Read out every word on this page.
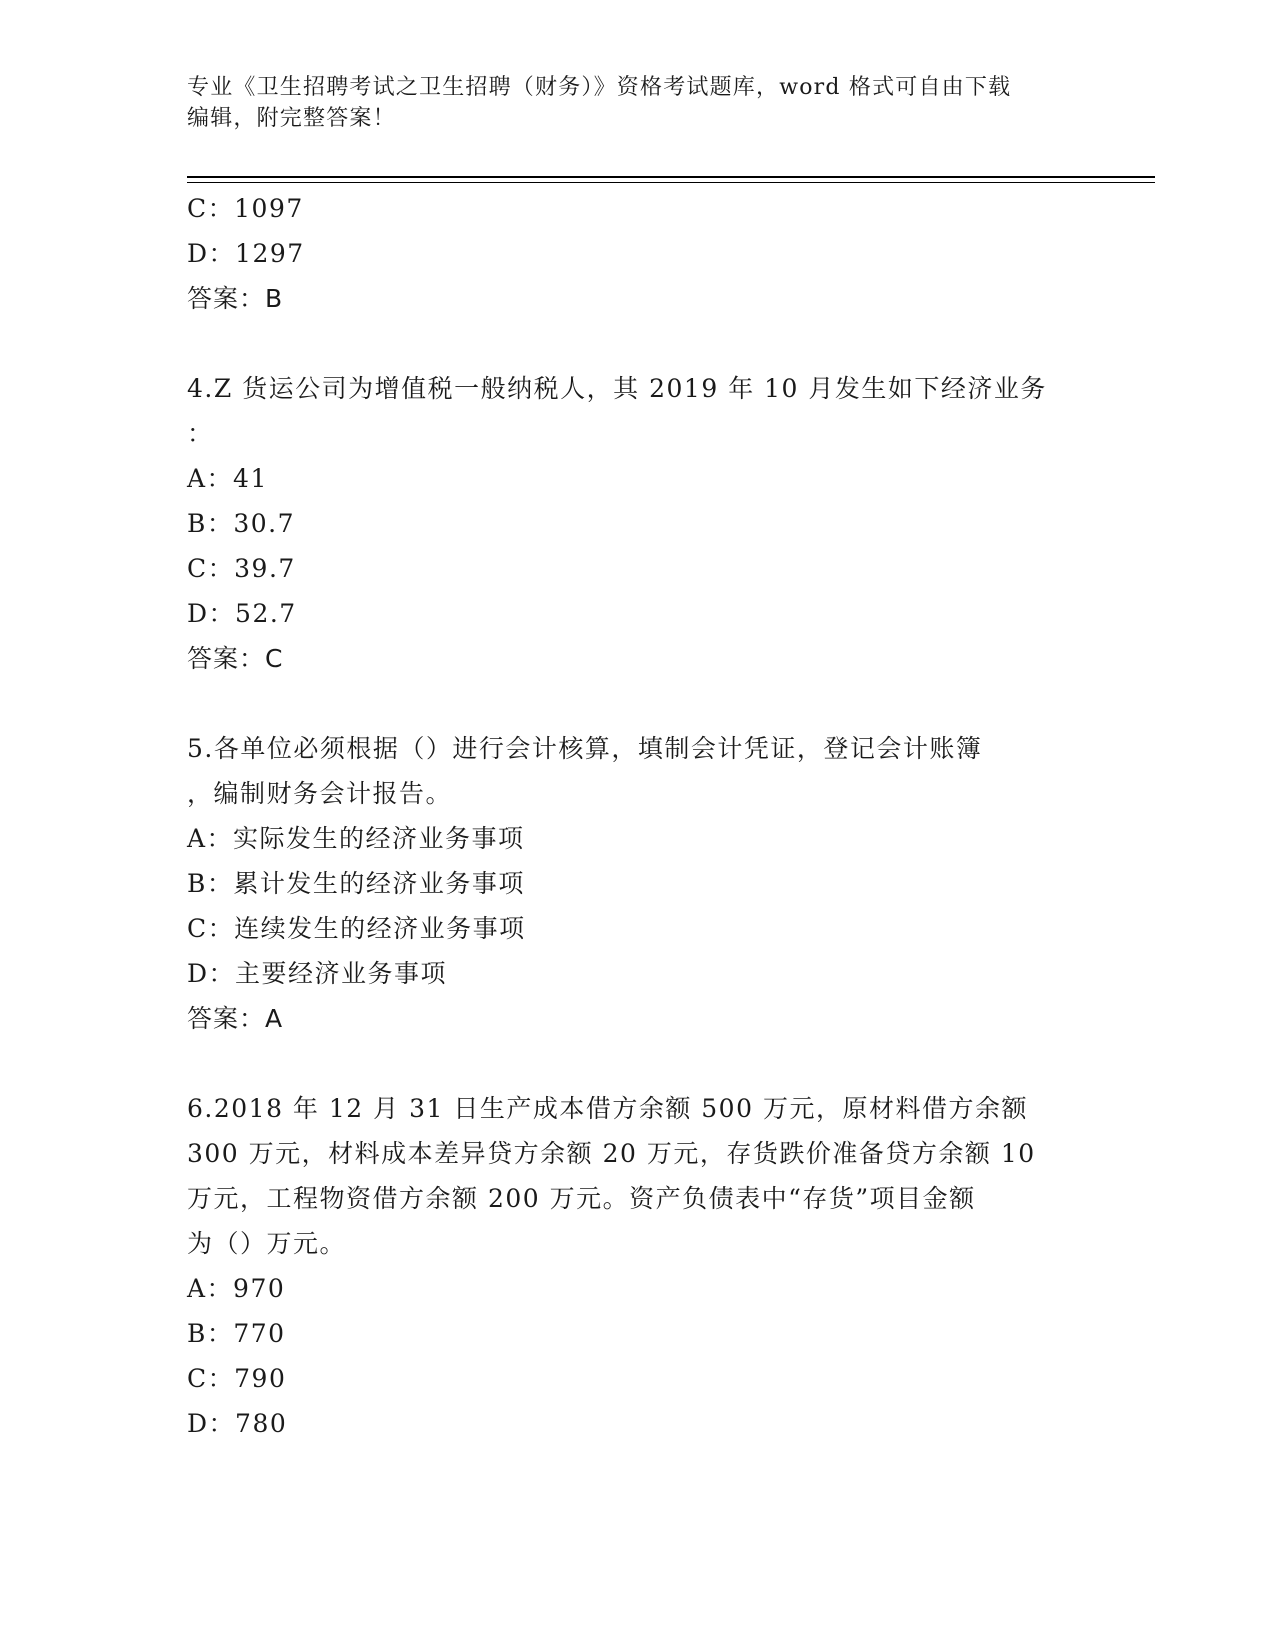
专业《卫生招聘考试之卫生招聘（财务）》资格考试题库，word 格式可自由下载
编辑，附完整答案！
C：1097
D：1297
答案：B
4.Z 货运公司为增值税一般纳税人，其 2019 年 10 月发生如下经济业务
：
A：41
B：30.7
C：39.7
D：52.7
答案：C
5.各单位必须根据（）进行会计核算，填制会计凭证，登记会计账簿
，编制财务会计报告。
A：实际发生的经济业务事项
B：累计发生的经济业务事项
C：连续发生的经济业务事项
D：主要经济业务事项
答案：A
6.2018 年 12 月 31 日生产成本借方余额 500 万元，原材料借方余额
300 万元，材料成本差异贷方余额 20 万元，存货跌价准备贷方余额 10
万元，工程物资借方余额 200 万元。资产负债表中“存货”项目金额
为（）万元。
A：970
B：770
C：790
D：780
